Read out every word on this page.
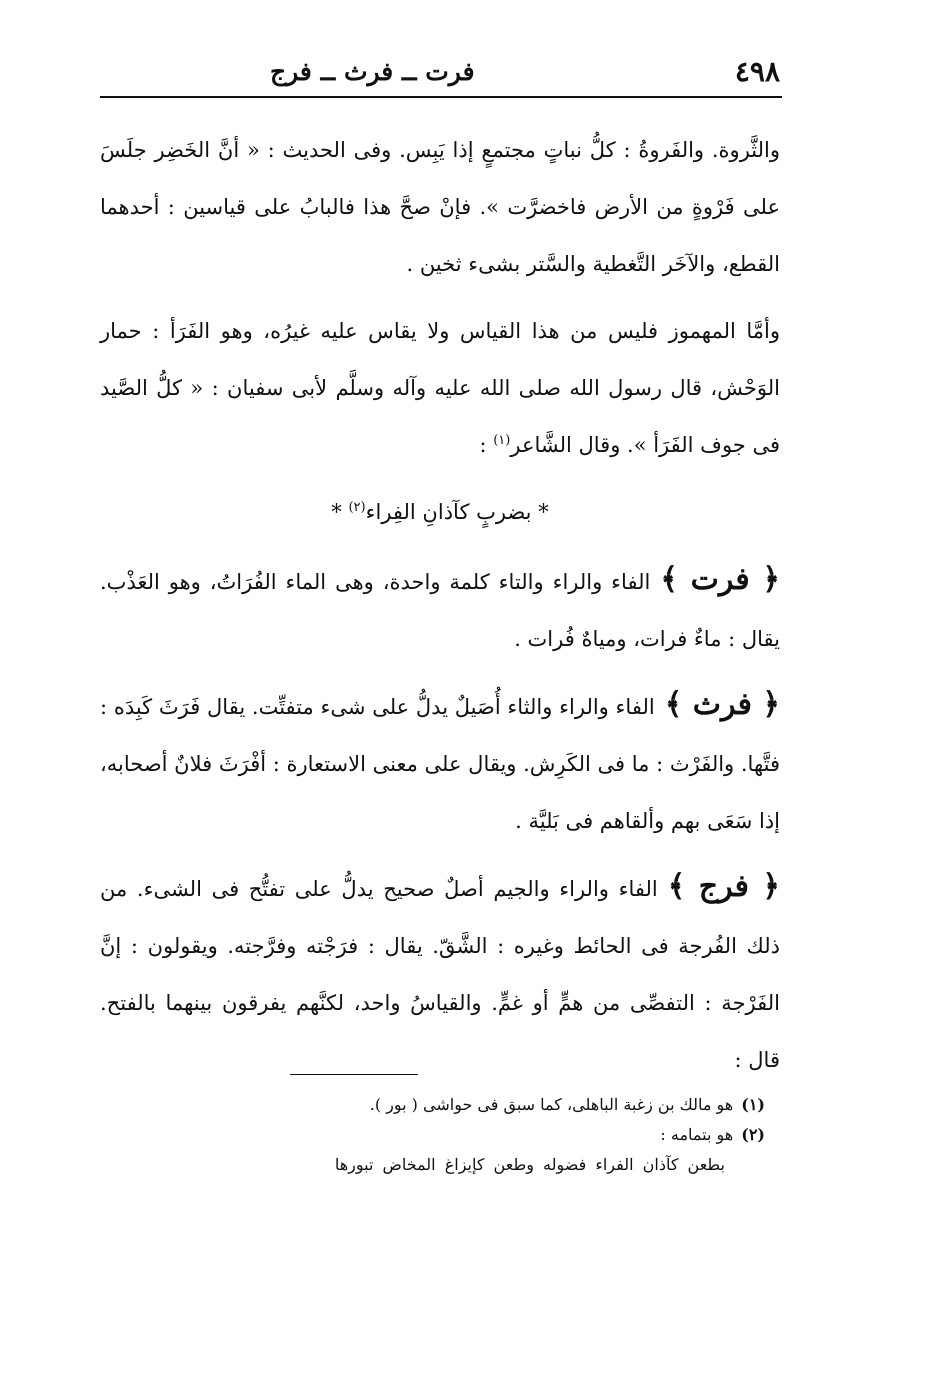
٤٩٨
فرت ــ فرث ــ فرج

والثَّروة. والفَروةُ : كلُّ نباتٍ مجتمعٍ إذا يَبِس. وفى الحديث : « أنَّ الخَضِر جلَسَ على فَرْوةٍ من الأرض فاخضرَّت ». فإنْ صحَّ هذا فالبابُ على قياسين : أحدهما القطع، والآخَر التَّغطية والسَّتر بشىء ثخين .

وأمَّا المهموز فليس من هذا القياس ولا يقاس عليه غيرُه، وهو الفَرَأ : حمار الوَحْش، قال رسول الله صلى الله عليه وآله وسلَّم لأبى سفيان : « كلُّ الصَّيد فى جوف الفَرَأ ». وقال الشَّاعر$^{(١)}$ :

* بضربٍ كآذانِ الفِراء$^{(٢)}$ *

﴿ فرت ﴾الفاء والراء والتاء كلمة واحدة، وهى الماء الفُرَاتُ، وهو العَذْب. يقال : ماءٌ فرات، ومياهٌ فُرات .

﴿ فرث ﴾الفاء والراء والثاء أُصَيلٌ يدلُّ على شىء متفتِّت. يقال فَرَثَ كَبِدَه : فتَّها. والفَرْث : ما فى الكَرِش. ويقال على معنى الاستعارة : أفْرَثَ فلانٌ أصحابه، إذا سَعَى بهم وألقاهم فى بَليَّة .

﴿ فرج ﴾الفاء والراء والجيم أصلٌ صحيح يدلُّ على تفتُّح فى الشىء. من ذلك الفُرجة فى الحائط وغيره : الشَّقّ. يقال : فرَجْته وفرَّجته. ويقولون : إنَّ الفَرْجة : التفصِّى من همٍّ أو غمٍّ. والقياسُ واحد، لكنَّهم يفرقون بينهما بالفتح. قال :

(١)هو مالك بن زغبة الباهلى، كما سبق فى حواشى ( بور ).

(٢)هو بتمامه :

بطعن كآذان الفراء فضوله وطعن كإيزاغ المخاض تبورها
